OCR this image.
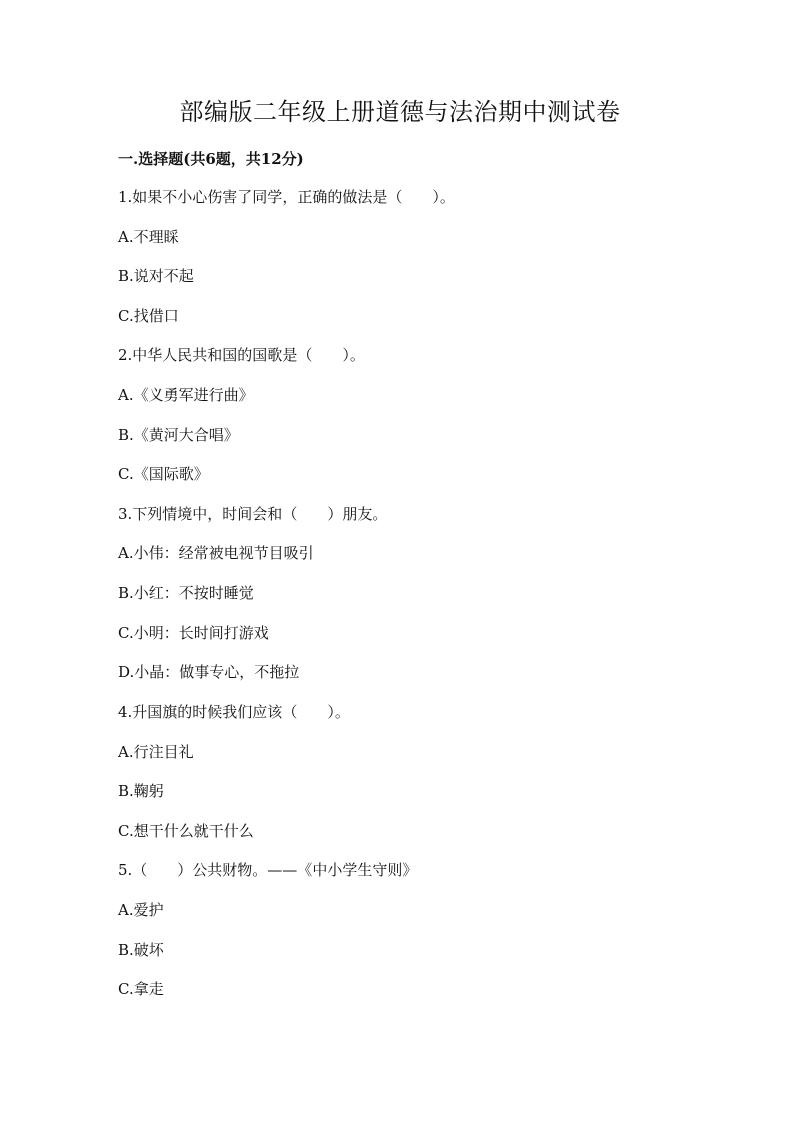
部编版二年级上册道德与法治期中测试卷
一.选择题(共6题，共12分)
1.如果不小心伤害了同学，正确的做法是（　　）。
A.不理睬
B.说对不起
C.找借口
2.中华人民共和国的国歌是（　　）。
A.《义勇军进行曲》
B.《黄河大合唱》
C.《国际歌》
3.下列情境中，时间会和（　　）朋友。
A.小伟：经常被电视节目吸引
B.小红：不按时睡觉
C.小明：长时间打游戏
D.小晶：做事专心，不拖拉
4.升国旗的时候我们应该（　　）。
A.行注目礼
B.鞠躬
C.想干什么就干什么
5.（　　）公共财物。——《中小学生守则》
A.爱护
B.破坏
C.拿走
